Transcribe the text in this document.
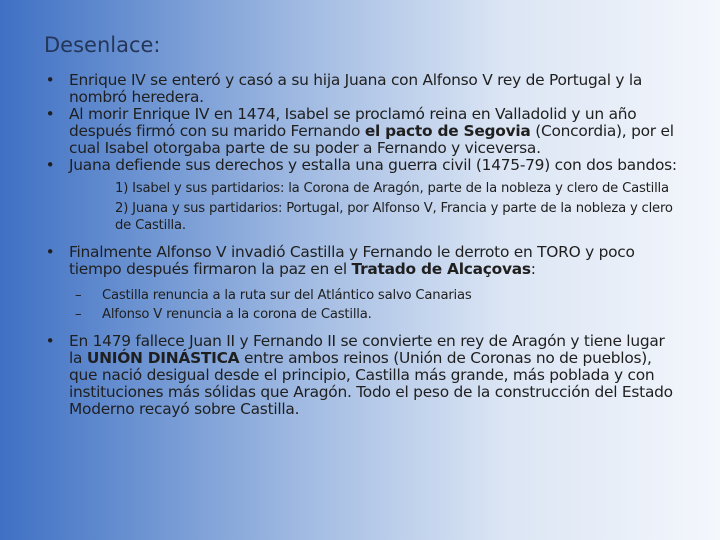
Desenlace:
• Enrique IV se enteró y casó a su hija Juana con Alfonso V rey de Portugal y la nombró heredera.
• Al morir Enrique IV en 1474, Isabel se proclamó reina en Valladolid y un año después firmó con su marido Fernando el pacto de Segovia (Concordia), por el cual Isabel otorgaba parte de su poder a Fernando y viceversa.
• Juana defiende sus derechos y estalla una guerra civil (1475-79) con dos bandos:
1) Isabel y sus partidarios: la Corona de Aragón, parte de la nobleza y clero de Castilla
2) Juana y sus partidarios: Portugal, por Alfonso V, Francia y parte de la nobleza y clero de Castilla.
• Finalmente Alfonso V invadió Castilla y Fernando le derroto en TORO y poco tiempo después firmaron la paz en el Tratado de Alcaçovas:
– Castilla renuncia a la ruta sur del Atlántico salvo Canarias
– Alfonso V renuncia a la corona de Castilla.
• En 1479 fallece Juan II y Fernando II se convierte en rey de Aragón y tiene lugar la UNIÓN DINÁSTICA entre ambos reinos (Unión de Coronas no de pueblos), que nació desigual desde el principio, Castilla más grande, más poblada y con instituciones más sólidas que Aragón. Todo el peso de la construcción del Estado Moderno recayó sobre Castilla.
